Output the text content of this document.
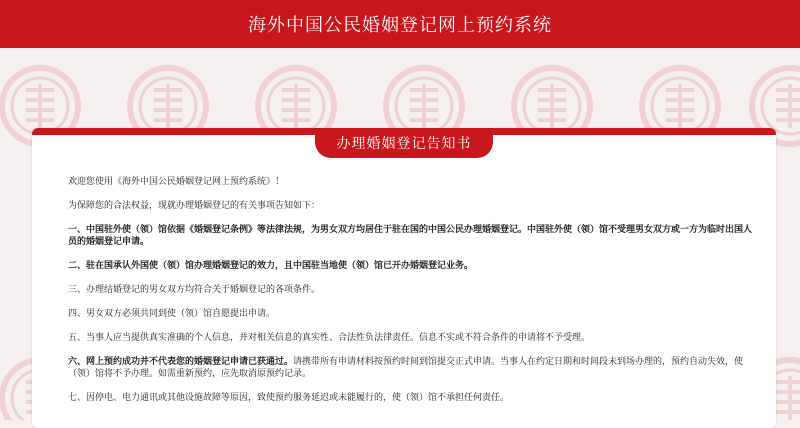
海外中国公民婚姻登记网上预约系统
办理婚姻登记告知书

欢迎您使用《海外中国公民婚姻登记网上预约系统》！

为保障您的合法权益，现就办理婚姻登记的有关事项告知如下：

一、中国驻外使（领）馆依据《婚姻登记条例》等法律法规，为男女双方均居住于驻在国的中国公民办理婚姻登记。中国驻外使（领）馆不受理男女双方或一方为临时出国人员的婚姻登记申请。

二、驻在国承认外国使（领）馆办理婚姻登记的效力，且中国驻当地使（领）馆已开办婚姻登记业务。

三、办理结婚登记的男女双方均符合关于婚姻登记的各项条件。

四、男女双方必须共同到使（领）馆自愿提出申请。

五、当事人应当提供真实准确的个人信息，并对相关信息的真实性、合法性负法律责任。信息不实或不符合条件的申请将不予受理。

六、网上预约成功并不代表您的婚姻登记申请已获通过。请携带所有申请材料按预约时间到馆提交正式申请。当事人在约定日期和时间段未到场办理的，预约自动失效，使（领）馆将不予办理。如需重新预约，应先取消原预约记录。

七、因停电、电力通讯或其他设施故障等原因，致使预约服务延迟或未能履行的，使（领）馆不承担任何责任。
